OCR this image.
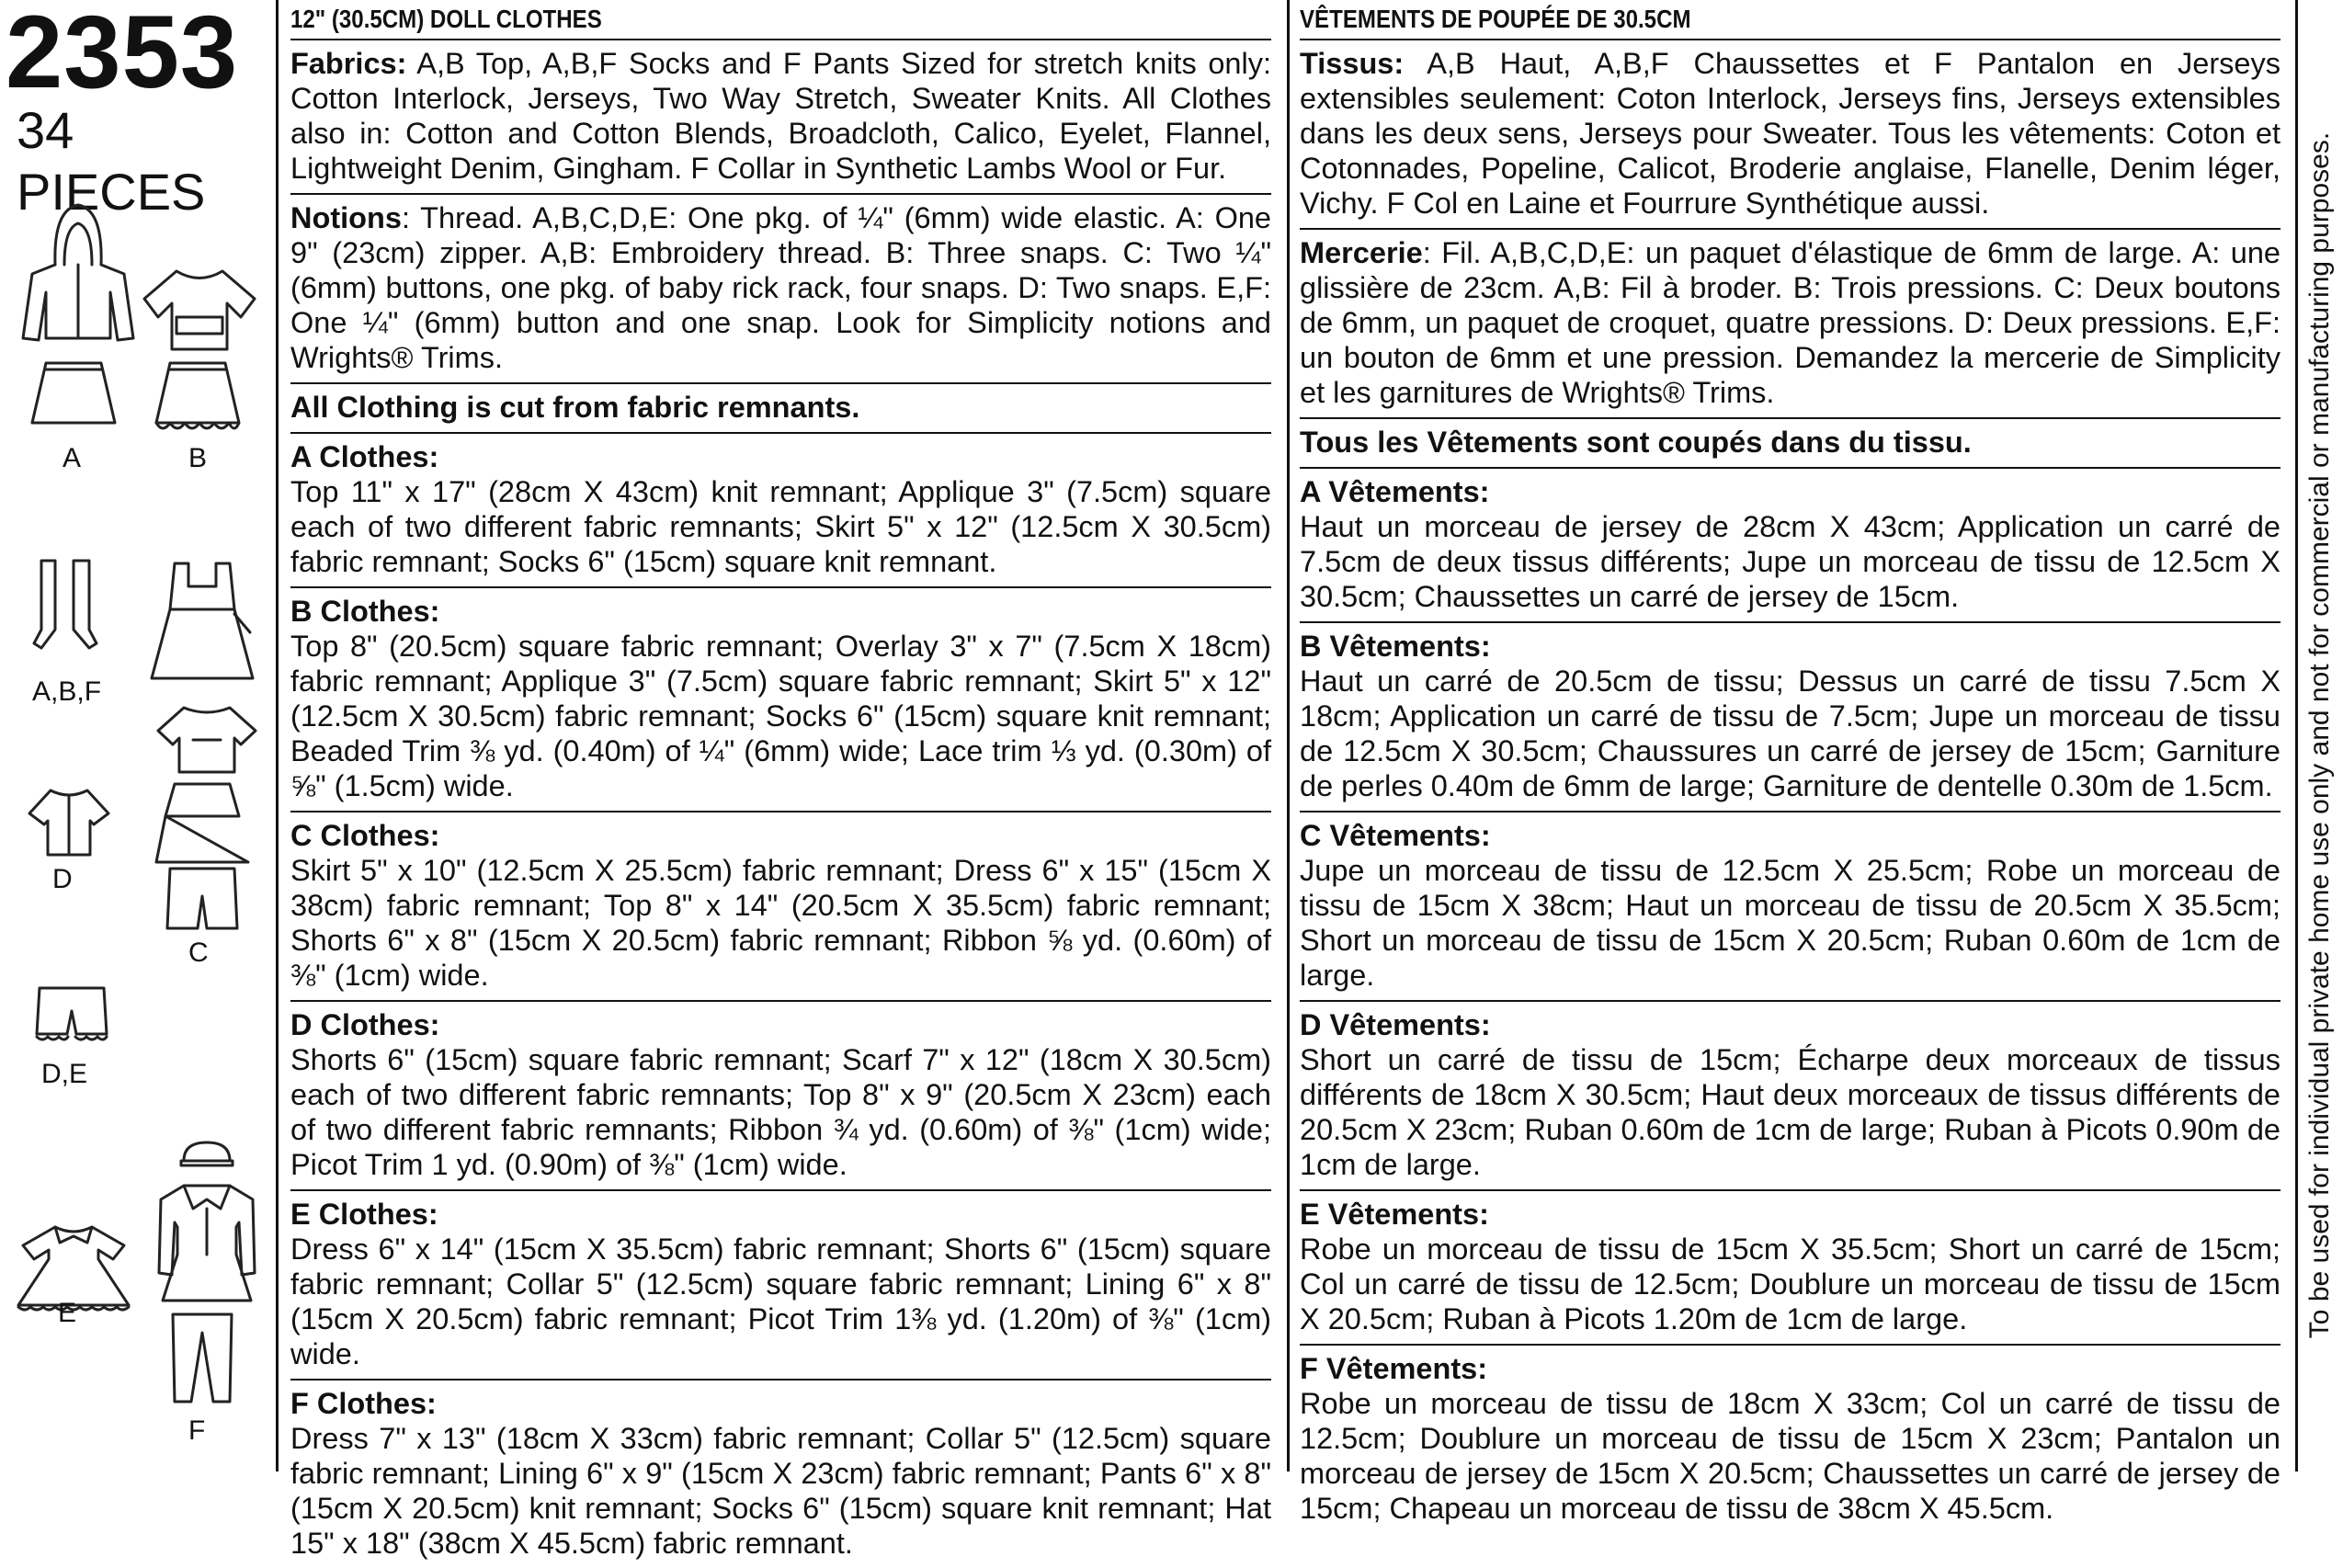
2353
34 PIECES
A	B
A,B,F
D
C
D,E
E
F
12" (30.5CM) DOLL CLOTHES

Fabrics: A,B Top, A,B,F Socks and F Pants Sized for stretch knits only: Cotton Interlock, Jerseys, Two Way Stretch, Sweater Knits. All Clothes also in: Cotton and Cotton Blends, Broadcloth, Calico, Eyelet, Flannel, Lightweight Denim, Gingham. F Collar in Synthetic Lambs Wool or Fur.

Notions: Thread. A,B,C,D,E: One pkg. of ¼" (6mm) wide elastic. A: One 9" (23cm) zipper. A,B: Embroidery thread. B: Three snaps. C: Two ¼" (6mm) buttons, one pkg. of baby rick rack, four snaps. D: Two snaps. E,F: One ¼" (6mm) button and one snap. Look for Simplicity notions and Wrights® Trims.

All Clothing is cut from fabric remnants.

A Clothes:

Top 11" x 17" (28cm X 43cm) knit remnant; Applique 3" (7.5cm) square each of two different fabric remnants; Skirt 5" x 12" (12.5cm X 30.5cm) fabric remnant; Socks 6" (15cm) square knit remnant.

B Clothes:

Top 8" (20.5cm) square fabric remnant; Overlay 3" x 7" (7.5cm X 18cm) fabric remnant; Applique 3" (7.5cm) square fabric remnant; Skirt 5" x 12" (12.5cm X 30.5cm) fabric remnant; Socks 6" (15cm) square knit remnant; Beaded Trim ⅜ yd. (0.40m) of ¼" (6mm) wide; Lace trim ⅓ yd. (0.30m) of ⅝" (1.5cm) wide.

C Clothes:

Skirt 5" x 10" (12.5cm X 25.5cm) fabric remnant; Dress 6" x 15" (15cm X 38cm) fabric remnant; Top 8" x 14" (20.5cm X 35.5cm) fabric remnant; Shorts 6" x 8" (15cm X 20.5cm) fabric remnant; Ribbon ⅝ yd. (0.60m) of ⅜" (1cm) wide.

D Clothes:

Shorts 6" (15cm) square fabric remnant; Scarf 7" x 12" (18cm X 30.5cm) each of two different fabric remnants; Top 8" x 9" (20.5cm X 23cm) each of two different fabric remnants; Ribbon ¾ yd. (0.60m) of ⅜" (1cm) wide; Picot Trim 1 yd. (0.90m) of ⅜" (1cm) wide.

E Clothes:

Dress 6" x 14" (15cm X 35.5cm) fabric remnant; Shorts 6" (15cm) square fabric remnant; Collar 5" (12.5cm) square fabric remnant; Lining 6" x 8" (15cm X 20.5cm) fabric remnant; Picot Trim 1⅜ yd. (1.20m) of ⅜" (1cm) wide.

F Clothes:

Dress 7" x 13" (18cm X 33cm) fabric remnant; Collar 5" (12.5cm) square fabric remnant; Lining 6" x 9" (15cm X 23cm) fabric remnant; Pants 6" x 8" (15cm X 20.5cm) knit remnant; Socks 6" (15cm) square knit remnant; Hat 15" x 18" (38cm X 45.5cm) fabric remnant.

VÊTEMENTS DE POUPÉE DE 30.5CM

Tissus: A,B Haut, A,B,F Chaussettes et F Pantalon en Jerseys extensibles seulement: Coton Interlock, Jerseys fins, Jerseys extensibles dans les deux sens, Jerseys pour Sweater. Tous les vêtements: Coton et Cotonnades, Popeline, Calicot, Broderie anglaise, Flanelle, Denim léger, Vichy. F Col en Laine et Fourrure Synthétique aussi.

Mercerie: Fil. A,B,C,D,E: un paquet d'élastique de 6mm de large. A: une glissière de 23cm. A,B: Fil à broder. B: Trois pressions. C: Deux boutons de 6mm, un paquet de croquet, quatre pressions. D: Deux pressions. E,F: un bouton de 6mm et une pression. Demandez la mercerie de Simplicity et les garnitures de Wrights® Trims.

Tous les Vêtements sont coupés dans du tissu.

A Vêtements:

Haut un morceau de jersey de 28cm X 43cm; Application un carré de 7.5cm de deux tissus différents; Jupe un morceau de tissu de 12.5cm X 30.5cm; Chaussettes un carré de jersey de 15cm.

B Vêtements:

Haut un carré de 20.5cm de tissu; Dessus un carré de tissu 7.5cm X 18cm; Application un carré de tissu de 7.5cm; Jupe un morceau de tissu de 12.5cm X 30.5cm; Chaussures un carré de jersey de 15cm; Garniture de perles 0.40m de 6mm de large; Garniture de dentelle 0.30m de 1.5cm.

C Vêtements:

Jupe un morceau de tissu de 12.5cm X 25.5cm; Robe un morceau de tissu de 15cm X 38cm; Haut un morceau de tissu de 20.5cm X 35.5cm; Short un morceau de tissu de 15cm X 20.5cm; Ruban 0.60m de 1cm de large.

D Vêtements:

Short un carré de tissu de 15cm; Écharpe deux morceaux de tissus différents de 18cm X 30.5cm; Haut deux morceaux de tissus différents de 20.5cm X 23cm; Ruban 0.60m de 1cm de large; Ruban à Picots 0.90m de 1cm de large.

E Vêtements:

Robe un morceau de tissu de 15cm X 35.5cm; Short un carré de 15cm; Col un carré de tissu de 12.5cm; Doublure un morceau de tissu de 15cm X 20.5cm; Ruban à Picots 1.20m de 1cm de large.

F Vêtements:

Robe un morceau de tissu de 18cm X 33cm; Col un carré de tissu de 12.5cm; Doublure un morceau de tissu de 15cm X 23cm; Pantalon un morceau de jersey de 15cm X 20.5cm; Chaussettes un carré de jersey de 15cm; Chapeau un morceau de tissu de 38cm X 45.5cm.

To be used for individual private home use only and not for commercial or manufacturing purposes.
